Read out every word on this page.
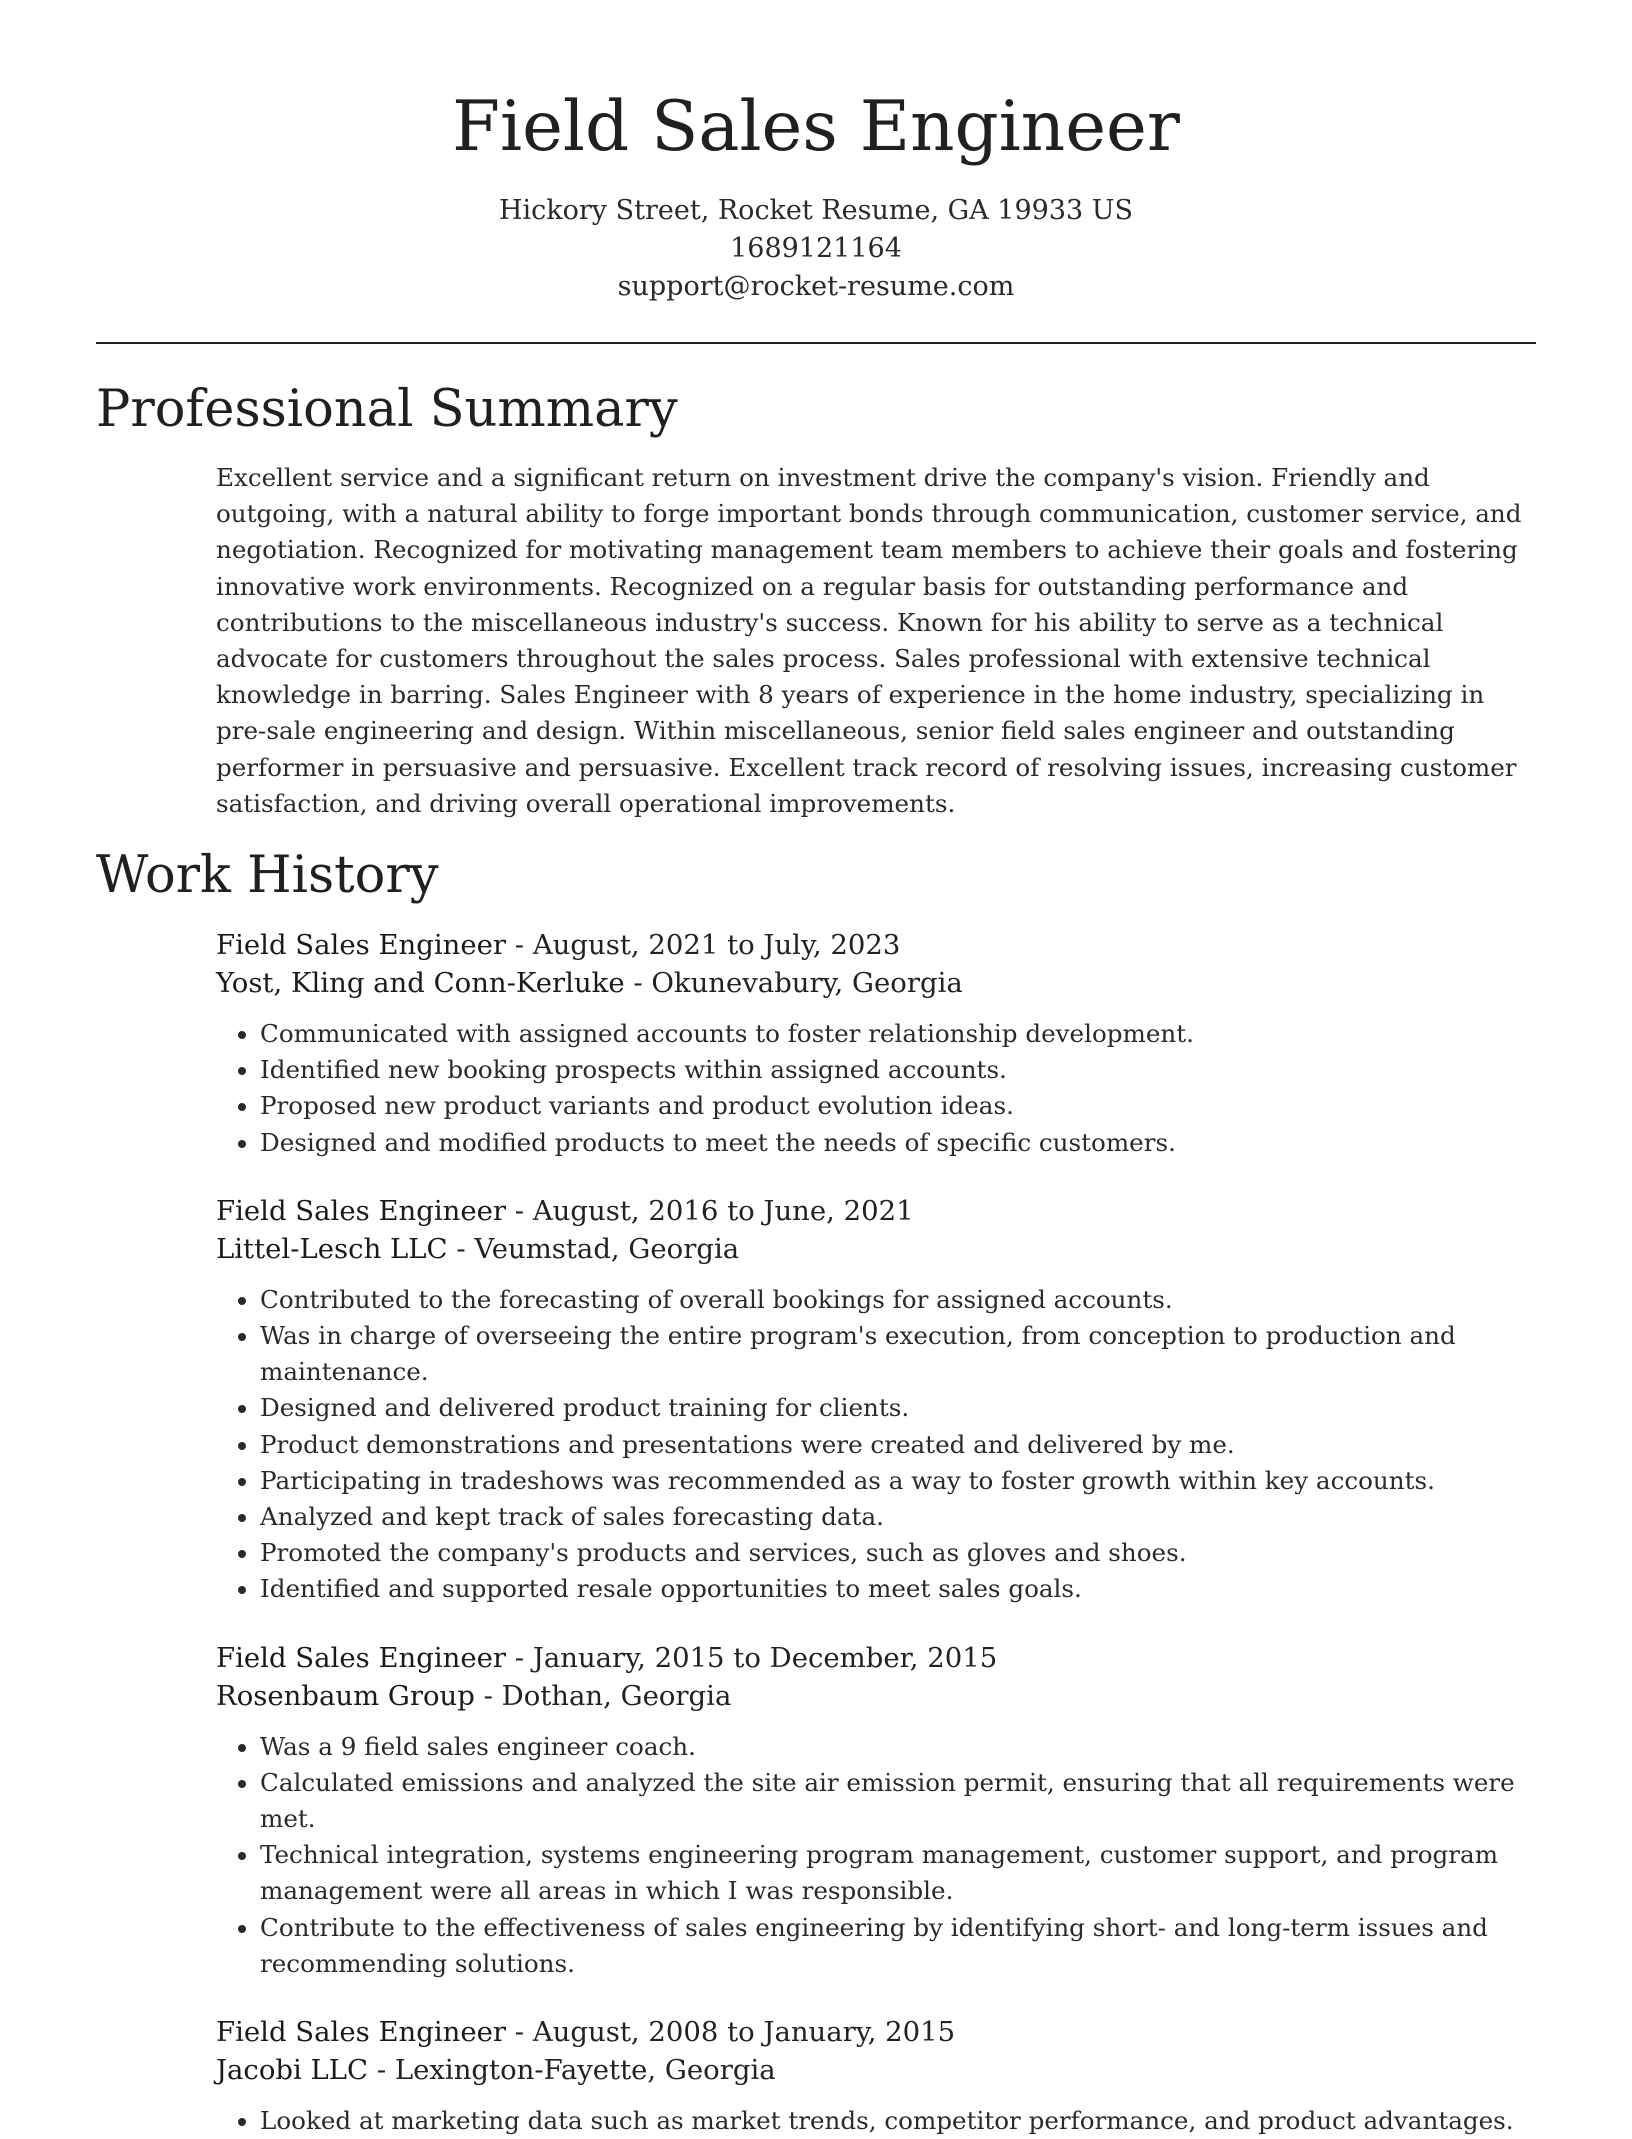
Field Sales Engineer
Hickory Street, Rocket Resume, GA 19933 US
1689121164
support@rocket-resume.com
Professional Summary

Excellent service and a significant return on investment drive the company's vision. Friendly and outgoing, with a natural ability to forge important bonds through communication, customer service, and negotiation. Recognized for motivating management team members to achieve their goals and fostering innovative work environments. Recognized on a regular basis for outstanding performance and contributions to the miscellaneous industry's success. Known for his ability to serve as a technical advocate for customers throughout the sales process. Sales professional with extensive technical knowledge in barring. Sales Engineer with 8 years of experience in the home industry, specializing in pre-sale engineering and design. Within miscellaneous, senior field sales engineer and outstanding performer in persuasive and persuasive. Excellent track record of resolving issues, increasing customer satisfaction, and driving overall operational improvements.

Work History
Field Sales Engineer - August, 2021 to July, 2023
Yost, Kling and Conn-Kerluke - Okunevabury, Georgia
• Communicated with assigned accounts to foster relationship development.
• Identified new booking prospects within assigned accounts.
• Proposed new product variants and product evolution ideas.
• Designed and modified products to meet the needs of specific customers.
Field Sales Engineer - August, 2016 to June, 2021
Littel-Lesch LLC - Veumstad, Georgia
• Contributed to the forecasting of overall bookings for assigned accounts.
• Was in charge of overseeing the entire program's execution, from conception to production and maintenance.
• Designed and delivered product training for clients.
• Product demonstrations and presentations were created and delivered by me.
• Participating in tradeshows was recommended as a way to foster growth within key accounts.
• Analyzed and kept track of sales forecasting data.
• Promoted the company's products and services, such as gloves and shoes.
• Identified and supported resale opportunities to meet sales goals.
Field Sales Engineer - January, 2015 to December, 2015
Rosenbaum Group - Dothan, Georgia
• Was a 9 field sales engineer coach.
• Calculated emissions and analyzed the site air emission permit, ensuring that all requirements were met.
• Technical integration, systems engineering program management, customer support, and program management were all areas in which I was responsible.
• Contribute to the effectiveness of sales engineering by identifying short- and long-term issues and recommending solutions.
Field Sales Engineer - August, 2008 to January, 2015
Jacobi LLC - Lexington-Fayette, Georgia
• Looked at marketing data such as market trends, competitor performance, and product advantages.
